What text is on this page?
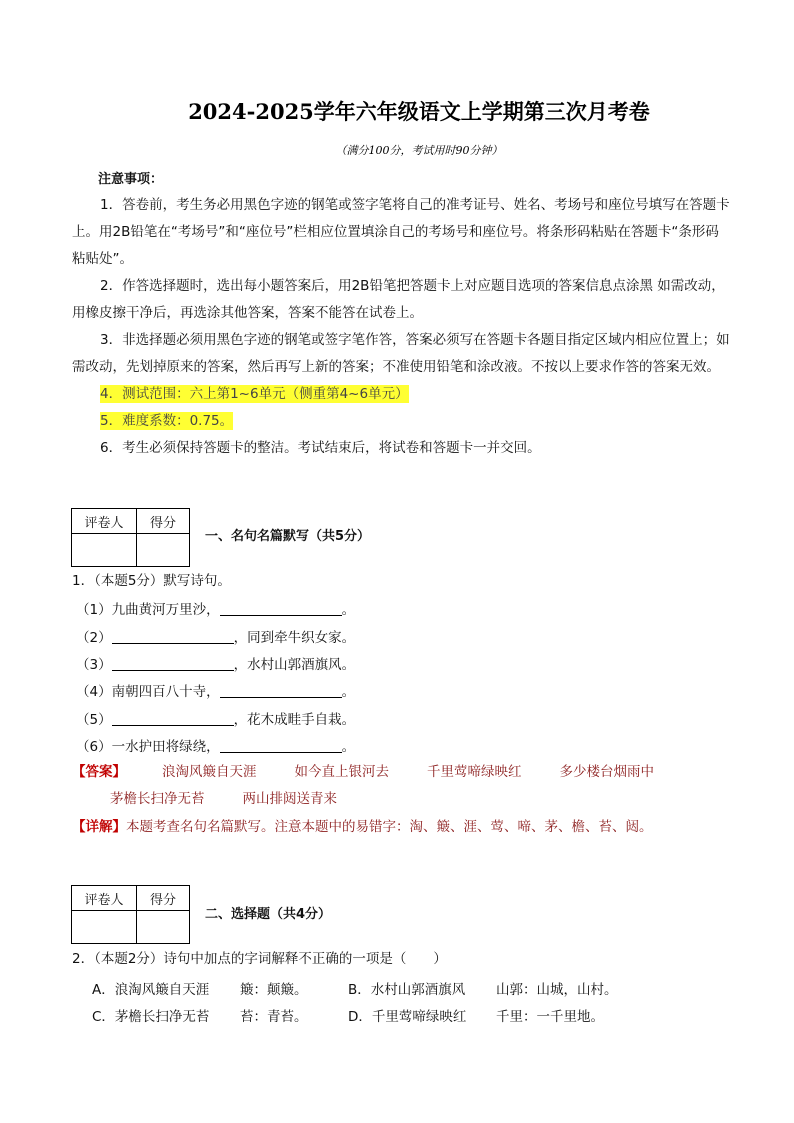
2024-2025学年六年级语文上学期第三次月考卷
（满分100分，考试用时90分钟）
注意事项：
1．答卷前，考生务必用黑色字迹的钢笔或签字笔将自己的准考证号、姓名、考场号和座位号填写在答题卡上。用2B铅笔在“考场号”和“座位号”栏相应位置填涂自己的考场号和座位号。将条形码粘贴在答题卡“条形码粘贴处”。
2．作答选择题时，选出每小题答案后，用2B铅笔把答题卡上对应题目选项的答案信息点涂黑 如需改动，用橡皮擦干净后，再选涂其他答案，答案不能答在试卷上。
3．非选择题必须用黑色字迹的钢笔或签字笔作答，答案必须写在答题卡各题目指定区域内相应位置上；如需改动，先划掉原来的答案，然后再写上新的答案；不准使用铅笔和涂改液。不按以上要求作答的答案无效。
4．测试范围：六上第1~6单元（侧重第4~6单元）
5．难度系数：0.75。
6．考生必须保持答题卡的整洁。考试结束后，将试卷和答题卡一并交回。
评卷人	得分

一、名句名篇默写（共5分）
1．（本题5分）默写诗句。
（1）九曲黄河万里沙，	。
（2）	，同到牵牛织女家。
（3）	，水村山郭酒旗风。
（4）南朝四百八十寺，	。
（5）	，花木成畦手自栽。
（6）一水护田将绿绕，	。
【答案】	浪淘风簸自天涯	如今直上银河去	千里莺啼绿映红	多少楼台烟雨中茅檐长扫净无苔	两山排闼送青来
【详解】本题考查名句名篇默写。注意本题中的易错字：淘、簸、涯、莺、啼、茅、檐、苔、闼。
评卷人	得分

二、选择题（共4分）
2．（本题2分）诗句中加点的字词解释不正确的一项是（　　）
A．浪淘风簸自天涯 簸：颠簸。	B．水村山郭酒旗风 山郭：山城，山村。
C．茅檐长扫净无苔 苔：青苔。	D．千里莺啼绿映红 千里：一千里地。
